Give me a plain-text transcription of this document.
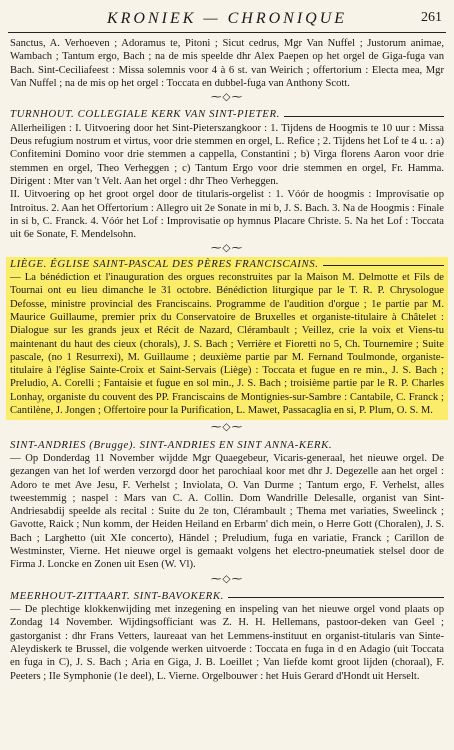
KRONIEK — CHRONIQUE	261

Sanctus, A. Verhoeven ; Adoramus te, Pitoni ; Sicut cedrus, Mgr Van Nuffel ; Justorum animae, Wambach ; Tantum ergo, Bach ; na de mis speelde dhr Alex Paepen op het orgel de Giga-fuga van Bach. Sint-Ceciliafeest : Missa solemnis voor 4 à 6 st. van Weirich ; offertorium : Electa mea, Mgr Van Nuffel ; na de mis op het orgel : Toccata en dubbel-fuga van Anthony Scott.

⁓◇⁓
TURNHOUT. COLLEGIALE KERK VAN SINT-PIETER.

Allerheiligen : I. Uitvoering door het Sint-Pieterszangkoor : 1. Tijdens de Hoogmis te 10 uur : Missa Deus refugium nostrum et virtus, voor drie stemmen en orgel, L. Refice ; 2. Tijdens het Lof te 4 u. : a) Confitemini Domino voor drie stemmen a cappella, Constantini ; b) Virga florens Aaron voor drie stemmen en orgel, Theo Verheggen ; c) Tantum Ergo voor drie stemmen en orgel, Fr. Hamma. Dirigent : Mter van 't Velt. Aan het orgel : dhr Theo Verheggen.

II. Uitvoering op het groot orgel door de titularis-orgelist : 1. Vóór de hoogmis : Improvisatie op Introitus. 2. Aan het Offertorium : Allegro uit 2e Sonate in mi b, J. S. Bach. 3. Na de Hoogmis : Finale in si b, C. Franck. 4. Vóór het Lof : Improvisatie op hymnus Placare Christe. 5. Na het Lof : Toccata uit 6e Sonate, F. Mendelsohn.

⁓◇⁓
LIÈGE. ÉGLISE SAINT-PASCAL DES PÈRES FRANCISCAINS.

— La bénédiction et l'inauguration des orgues reconstruites par la Maison M. Delmotte et Fils de Tournai ont eu lieu dimanche le 31 octobre. Bénédiction liturgique par le T. R. P. Chrysologue Defosse, ministre provincial des Franciscains. Programme de l'audition d'orgue ; 1e partie par M. Maurice Guillaume, premier prix du Conservatoire de Bruxelles et organiste-titulaire à Châtelet : Dialogue sur les grands jeux et Récit de Nazard, Clérambault ; Veillez, crie la voix et Viens-tu maintenant du haut des cieux (chorals), J. S. Bach ; Verrière et Fioretti no 5, Ch. Tournemire ; Suite pascale, (no 1 Resurrexi), M. Guillaume ; deuxième partie par M. Fernand Toulmonde, organiste-titulaire à l'église Sainte-Croix et Saint-Servais (Liège) : Toccata et fugue en re min., J. S. Bach ; Preludio, A. Corelli ; Fantaisie et fugue en sol min., J. S. Bach ; troisième partie par le R. P. Charles Lonhay, organiste du couvent des PP. Franciscains de Montignies-sur-Sambre : Cantabile, C. Franck ; Cantilène, J. Jongen ; Offertoire pour la Purification, L. Mawet, Passacaglia en si, P. Plum, O. S. M.

⁓◇⁓
SINT-ANDRIES (Brugge). SINT-ANDRIES EN SINT ANNA-KERK.

— Op Donderdag 11 November wijdde Mgr Quaegebeur, Vicaris-generaal, het nieuwe orgel. De gezangen van het lof werden verzorgd door het parochiaal koor met dhr J. Degezelle aan het orgel : Adoro te met Ave Jesu, F. Verhelst ; Inviolata, O. Van Durme ; Tantum ergo, F. Verhelst, alles tweestemmig ; naspel : Mars van C. A. Collin. Dom Wandrille Delesalle, organist van Sint-Andriesabdij speelde als recital : Suite du 2e ton, Clérambault ; Thema met variaties, Sweelinck ; Gavotte, Raick ; Nun komm, der Heiden Heiland en Erbarm' dich mein, o Herre Gott (Choralen), J. S. Bach ; Larghetto (uit XIe concerto), Händel ; Preludium, fuga en variatie, Franck ; Carillon de Westminster, Vierne. Het nieuwe orgel is gemaakt volgens het electro-pneumatiek stelsel door de Firma J. Loncke en Zonen uit Esen (W. Vl).

⁓◇⁓
MEERHOUT-ZITTAART. SINT-BAVOKERK.

— De plechtige klokkenwijding met inzegening en inspeling van het nieuwe orgel vond plaats op Zondag 14 November. Wijdingsofficiant was Z. H. H. Hellemans, pastoor-deken van Geel ; gastorganist : dhr Frans Vetters, laureaat van het Lemmens-instituut en organist-titularis van Sinte-Aleydiskerk te Brussel, die volgende werken uitvoerde : Toccata en fuga in d en Adagio (uit Toccata en fuga in C), J. S. Bach ; Aria en Giga, J. B. Loeillet ; Van liefde komt groot lijden (choraal), F. Peeters ; IIe Symphonie (1e deel), L. Vierne. Orgelbouwer : het Huis Gerard d'Hondt uit Herselt.
